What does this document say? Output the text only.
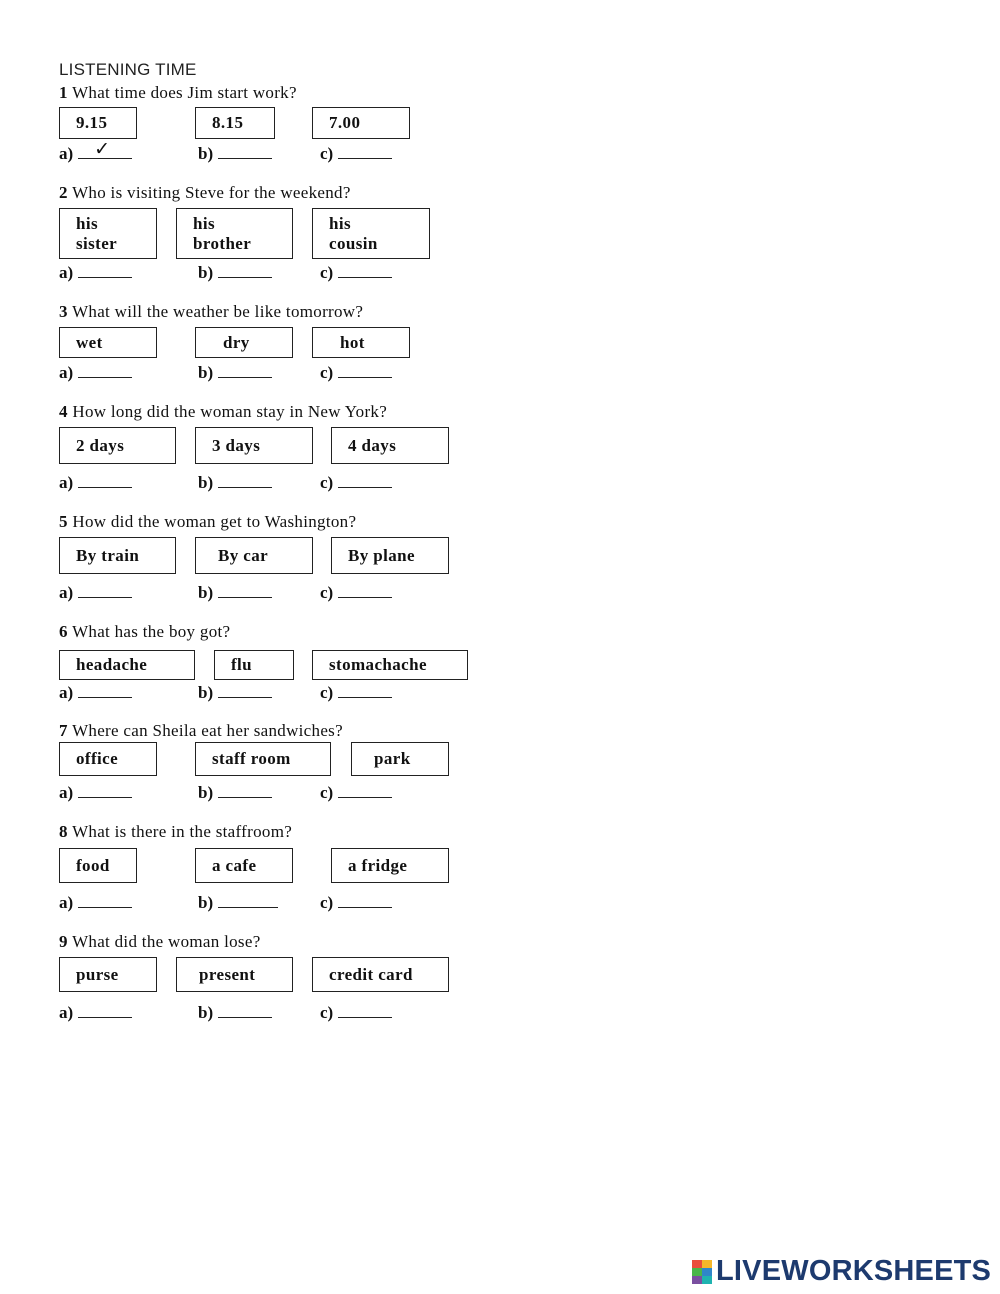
LISTENING TIME
1 What time does Jim start work?
9.15	8.15	7.00
a) ✓	b)	c)
2 Who is visiting Steve for the weekend?
his
sister
his
brother
his
cousin
a)	b)	c)
3 What will the weather be like tomorrow?
wet	dry	hot
a)	b)	c)
4 How long did the woman stay in New York?
2 days	3 days	4 days
a)	b)	c)
5 How did the woman get to Washington?
By train	By car	By plane
a)	b)	c)
6 What has the boy got?
headache	flu	stomachache
a)	b)	c)
7 Where can Sheila eat her sandwiches?
office	staff room	park
a)	b)	c)
8 What is there in the staffroom?
food	a cafe	a fridge
a)	b)	c)
9 What did the woman lose?
purse	present	credit card
a)	b)	c)
LIVEWORKSHEETS
